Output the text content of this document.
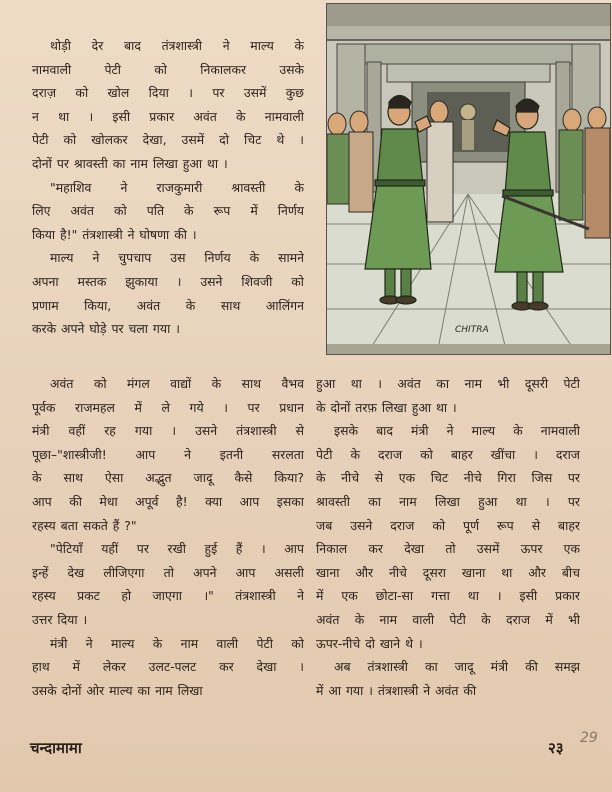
थोड़ी देर बाद तंत्रशास्त्री ने माल्य के
नामवाली पेटी को निकालकर उसके
दराज़ को खोल दिया । पर उसमें कुछ
न था । इसी प्रकार अवंत के नामवाली
पेटी को खोलकर देखा, उसमें दो चिट थे ।
दोनों पर श्रावस्ती का नाम लिखा हुआ था ।
"महाशिव ने राजकुमारी श्रावस्ती के
लिए अवंत को पति के रूप में निर्णय
किया है!" तंत्रशास्त्री ने घोषणा की ।
माल्य ने चुपचाप उस निर्णय के सामने
अपना मस्तक झुकाया । उसने शिवजी को
प्रणाम किया, अवंत के साथ आलिंगन
करके अपने घोड़े पर चला गया ।
अवंत को मंगल वाद्यों के साथ वैभव
पूर्वक राजमहल में ले गये । पर प्रधान
मंत्री वहीं रह गया । उसने तंत्रशास्त्री से
पूछा–"शास्त्रीजी! आप ने इतनी सरलता
के साथ ऐसा अद्भुत जादू कैसे किया?
आप की मेधा अपूर्व है! क्या आप इसका
रहस्य बता सकते हैं ?"
"पेटियाँ यहीं पर रखी हुई हैं । आप
इन्हें देख लीजिएगा तो अपने आप असली
रहस्य प्रकट हो जाएगा ।" तंत्रशास्त्री ने
उत्तर दिया ।
मंत्री ने माल्य के नाम वाली पेटी को
हाथ में लेकर उलट-पलट कर देखा ।
उसके दोनों ओर माल्य का नाम लिखा
हुआ था । अवंत का नाम भी दूसरी पेटी
के दोनों तरफ़ लिखा हुआ था ।
इसके बाद मंत्री ने माल्य के नामवाली
पेटी के दराज को बाहर खींचा । दराज
के नीचे से एक चिट नीचे गिरा जिस पर
श्रावस्ती का नाम लिखा हुआ था । पर
जब उसने दराज को पूर्ण रूप से बाहर
निकाल कर देखा तो उसमें ऊपर एक
खाना और नीचे दूसरा खाना था और बीच
में एक छोटा-सा गत्ता था । इसी प्रकार
अवंत के नाम वाली पेटी के दराज में भी
ऊपर-नीचे दो खाने थे ।
अब तंत्रशास्त्री का जादू मंत्री की समझ
में आ गया । तंत्रशास्त्री ने अवंत की
CHITRA
चन्दामामा	२३
29
